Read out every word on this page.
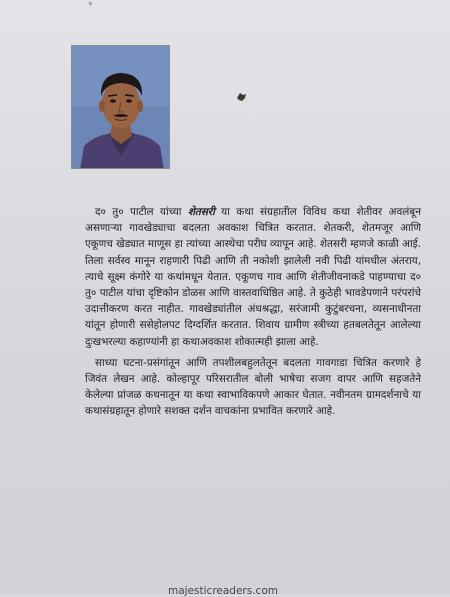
*

द० तु० पाटील यांच्या शेतसरी या कथा संग्रहातील विविध कथा शेतीवर अवलंबून असणाऱ्या गावखेड्याचा बदलता अवकाश चित्रित करतात. शेतकरी, शेतमजूर आणि एकूणच खेड्यात माणूस हा त्यांच्या आस्थेचा परीघ व्यापून आहे. शेतसरी म्हणजे काळी आई. तिला सर्वस्व मानून राहणारी पिढी आणि ती नकोशी झालेली नवी पिढी यांमधील अंतराय, त्याचे सूक्ष्म कंगोरे या कथांमधून येतात. एकूणच गाव आणि शेतीजीवनाकडे पाहण्याचा द० तु० पाटील यांचा दृष्टिकोन डोळस आणि वास्तवाधिष्ठित आहे. ते कुठेही भावडेपणाने परंपरांचे उदात्तीकरण करत नाहीत. गावखेड्यांतील अंधश्रद्धा, सरंजामी कुटुंबरचना, व्यसनाधीनता यांतून होणारी ससेहोलपट दिग्दर्शित करतात. शिवाय ग्रामीण स्त्रीच्या हतबलतेतून आलेल्या दुःखभरल्या कहाण्यांनी हा कथाअवकाश शोकात्मही झाला आहे.

साध्या घटना-प्रसंगांतून आणि तपशीलबहुलतेतून बदलता गावगाडा चित्रित करणारे हे जिवंत लेखन आहे. कोल्हापूर परिसरातील बोली भाषेचा सजग वापर आणि सहजतेने केलेल्या प्रांजळ कथनातून या कथा स्वाभाविकपणे आकार घेतात. नवीनतम ग्रामदर्शनाचे या कथासंग्रहातून होणारे सशक्त दर्शन वाचकांना प्रभावित करणारे आहे.

majesticreaders.com
